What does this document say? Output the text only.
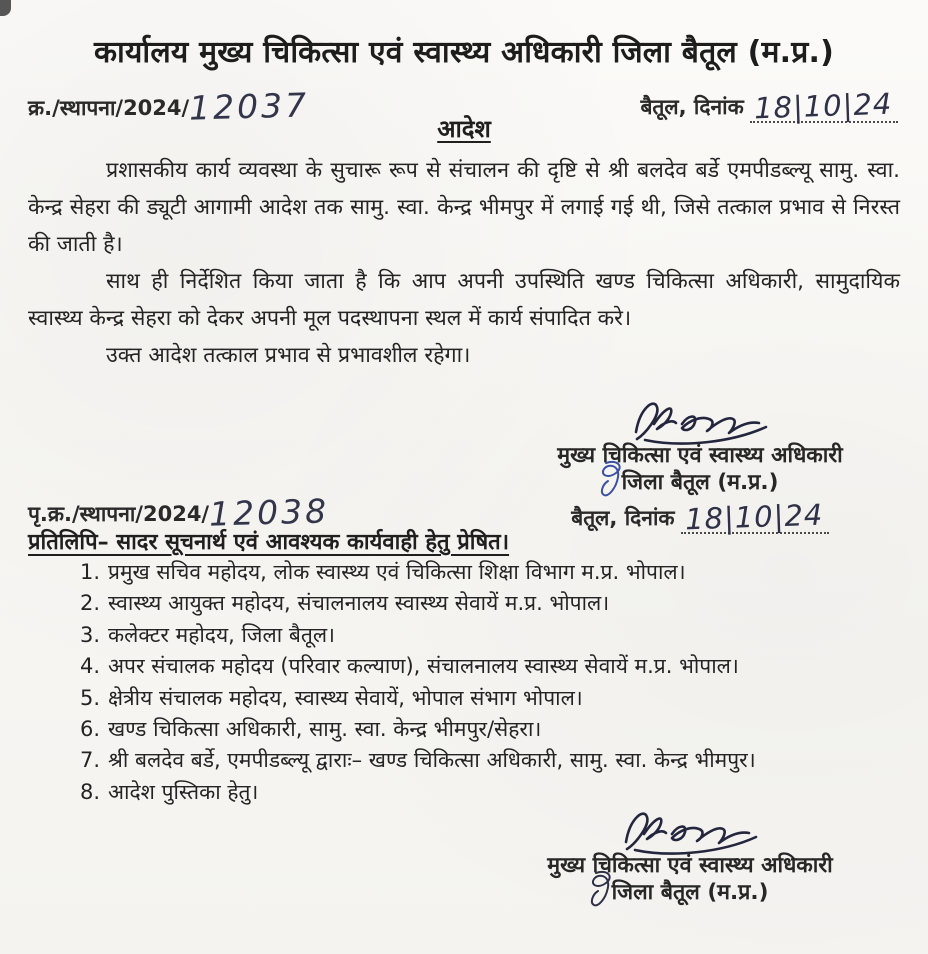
कार्यालय मुख्य चिकित्सा एवं स्वास्थ्य अधिकारी जिला बैतूल (म.प्र.)
क्र./स्थापना/2024/12037	बैतूल, दिनांक 18|10|24
आदेश

प्रशासकीय कार्य व्यवस्था के सुचारू रूप से संचालन की दृष्टि से श्री बलदेव बर्डे एमपीडब्ल्यू सामु. स्वा. केन्द्र सेहरा की ड्यूटी आगामी आदेश तक सामु. स्वा. केन्द्र भीमपुर में लगाई गई थी, जिसे तत्काल प्रभाव से निरस्त की जाती है।

साथ ही निर्देशित किया जाता है कि आप अपनी उपस्थिति खण्ड चिकित्सा अधिकारी, सामुदायिक स्वास्थ्य केन्द्र सेहरा को देकर अपनी मूल पदस्थापना स्थल में कार्य संपादित करे।

उक्त आदेश तत्काल प्रभाव से प्रभावशील रहेगा।

मुख्य चिकित्सा एवं स्वास्थ्य अधिकारी
जिला बैतूल (म.प्र.)
बैतूल, दिनांक 18|10|24
पृ.क्र./स्थापना/2024/12038
प्रतिलिपि– सादर सूचनार्थ एवं आवश्यक कार्यवाही हेतु प्रेषित।
1. प्रमुख सचिव महोदय, लोक स्वास्थ्य एवं चिकित्सा शिक्षा विभाग म.प्र. भोपाल।
2. स्वास्थ्य आयुक्त महोदय, संचालनालय स्वास्थ्य सेवायें म.प्र. भोपाल।
3. कलेक्टर महोदय, जिला बैतूल।
4. अपर संचालक महोदय (परिवार कल्याण), संचालनालय स्वास्थ्य सेवायें म.प्र. भोपाल।
5. क्षेत्रीय संचालक महोदय, स्वास्थ्य सेवायें, भोपाल संभाग भोपाल।
6. खण्ड चिकित्सा अधिकारी, सामु. स्वा. केन्द्र भीमपुर/सेहरा।
7. श्री बलदेव बर्डे, एमपीडब्ल्यू द्वाराः– खण्ड चिकित्सा अधिकारी, सामु. स्वा. केन्द्र भीमपुर।
8. आदेश पुस्तिका हेतु।
मुख्य चिकित्सा एवं स्वास्थ्य अधिकारी
जिला बैतूल (म.प्र.)
